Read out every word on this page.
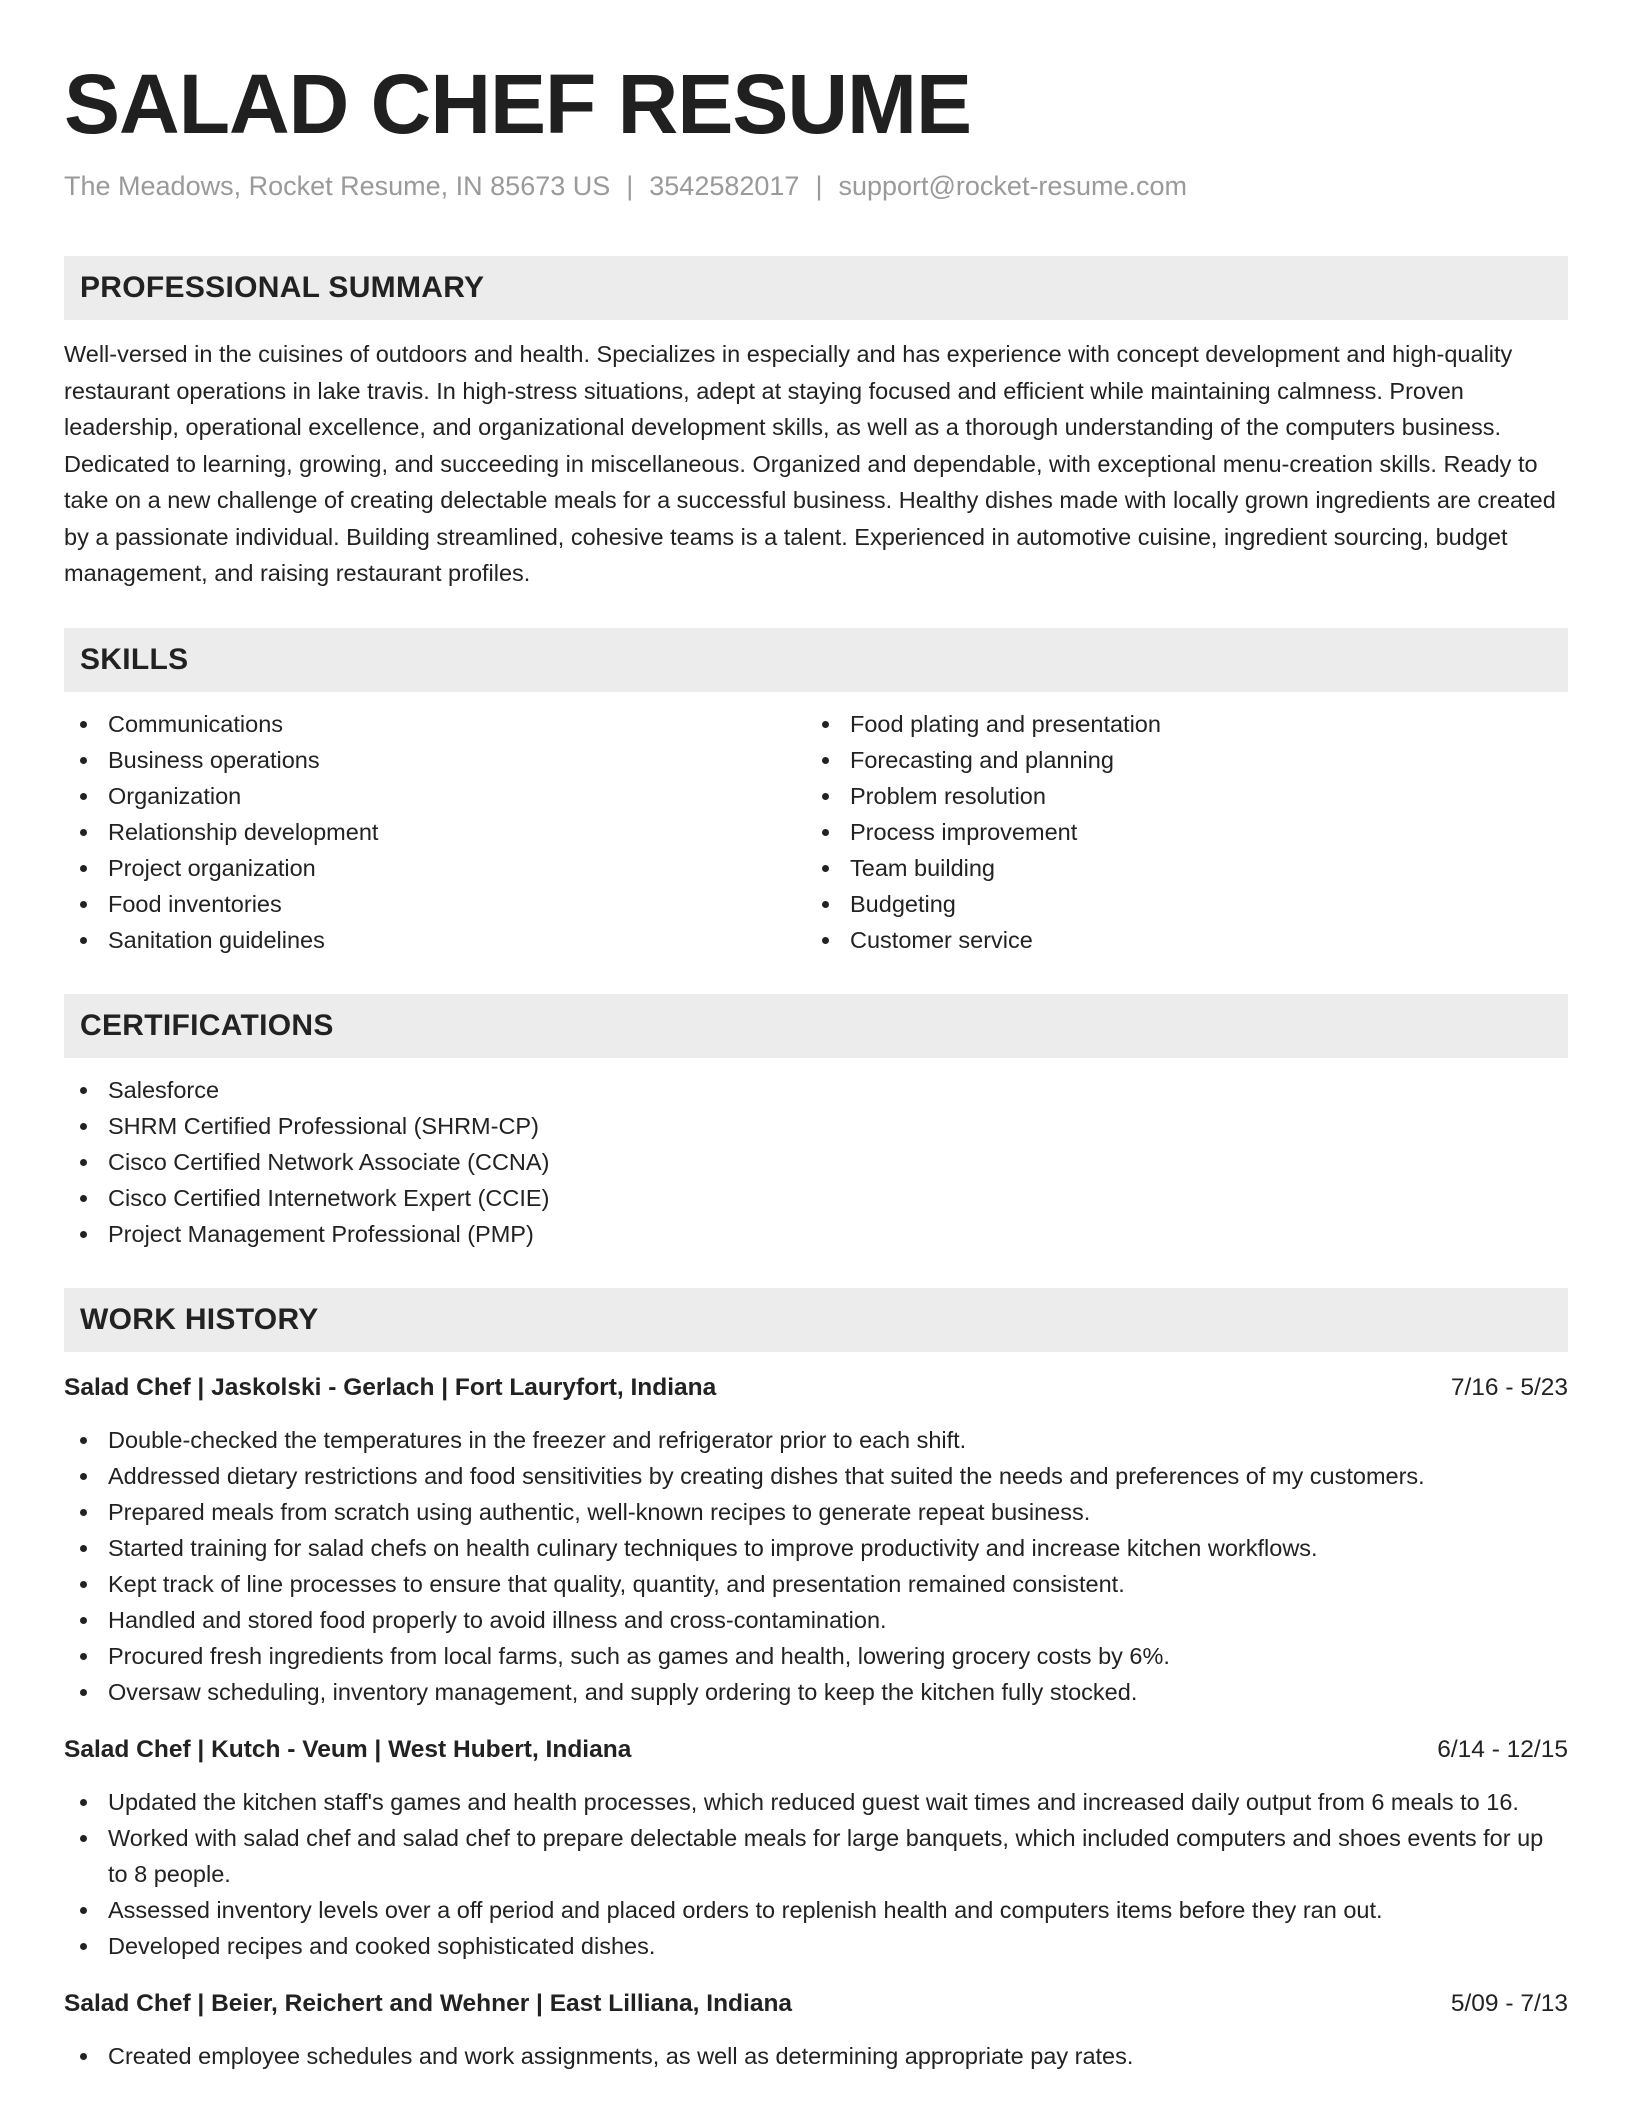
SALAD CHEF RESUME
The Meadows, Rocket Resume, IN 85673 US | 3542582017 | support@rocket-resume.com
PROFESSIONAL SUMMARY
Well-versed in the cuisines of outdoors and health. Specializes in especially and has experience with concept development and high-quality restaurant operations in lake travis. In high-stress situations, adept at staying focused and efficient while maintaining calmness. Proven leadership, operational excellence, and organizational development skills, as well as a thorough understanding of the computers business. Dedicated to learning, growing, and succeeding in miscellaneous. Organized and dependable, with exceptional menu-creation skills. Ready to take on a new challenge of creating delectable meals for a successful business. Healthy dishes made with locally grown ingredients are created by a passionate individual. Building streamlined, cohesive teams is a talent. Experienced in automotive cuisine, ingredient sourcing, budget management, and raising restaurant profiles.
SKILLS
Communications
Business operations
Organization
Relationship development
Project organization
Food inventories
Sanitation guidelines
Food plating and presentation
Forecasting and planning
Problem resolution
Process improvement
Team building
Budgeting
Customer service
CERTIFICATIONS
Salesforce
SHRM Certified Professional (SHRM-CP)
Cisco Certified Network Associate (CCNA)
Cisco Certified Internetwork Expert (CCIE)
Project Management Professional (PMP)
WORK HISTORY
Salad Chef | Jaskolski - Gerlach | Fort Lauryfort, Indiana	7/16 - 5/23
Double-checked the temperatures in the freezer and refrigerator prior to each shift.
Addressed dietary restrictions and food sensitivities by creating dishes that suited the needs and preferences of my customers.
Prepared meals from scratch using authentic, well-known recipes to generate repeat business.
Started training for salad chefs on health culinary techniques to improve productivity and increase kitchen workflows.
Kept track of line processes to ensure that quality, quantity, and presentation remained consistent.
Handled and stored food properly to avoid illness and cross-contamination.
Procured fresh ingredients from local farms, such as games and health, lowering grocery costs by 6%.
Oversaw scheduling, inventory management, and supply ordering to keep the kitchen fully stocked.
Salad Chef | Kutch - Veum | West Hubert, Indiana	6/14 - 12/15
Updated the kitchen staff's games and health processes, which reduced guest wait times and increased daily output from 6 meals to 16.
Worked with salad chef and salad chef to prepare delectable meals for large banquets, which included computers and shoes events for up to 8 people.
Assessed inventory levels over a off period and placed orders to replenish health and computers items before they ran out.
Developed recipes and cooked sophisticated dishes.
Salad Chef | Beier, Reichert and Wehner | East Lilliana, Indiana	5/09 - 7/13
Created employee schedules and work assignments, as well as determining appropriate pay rates.
